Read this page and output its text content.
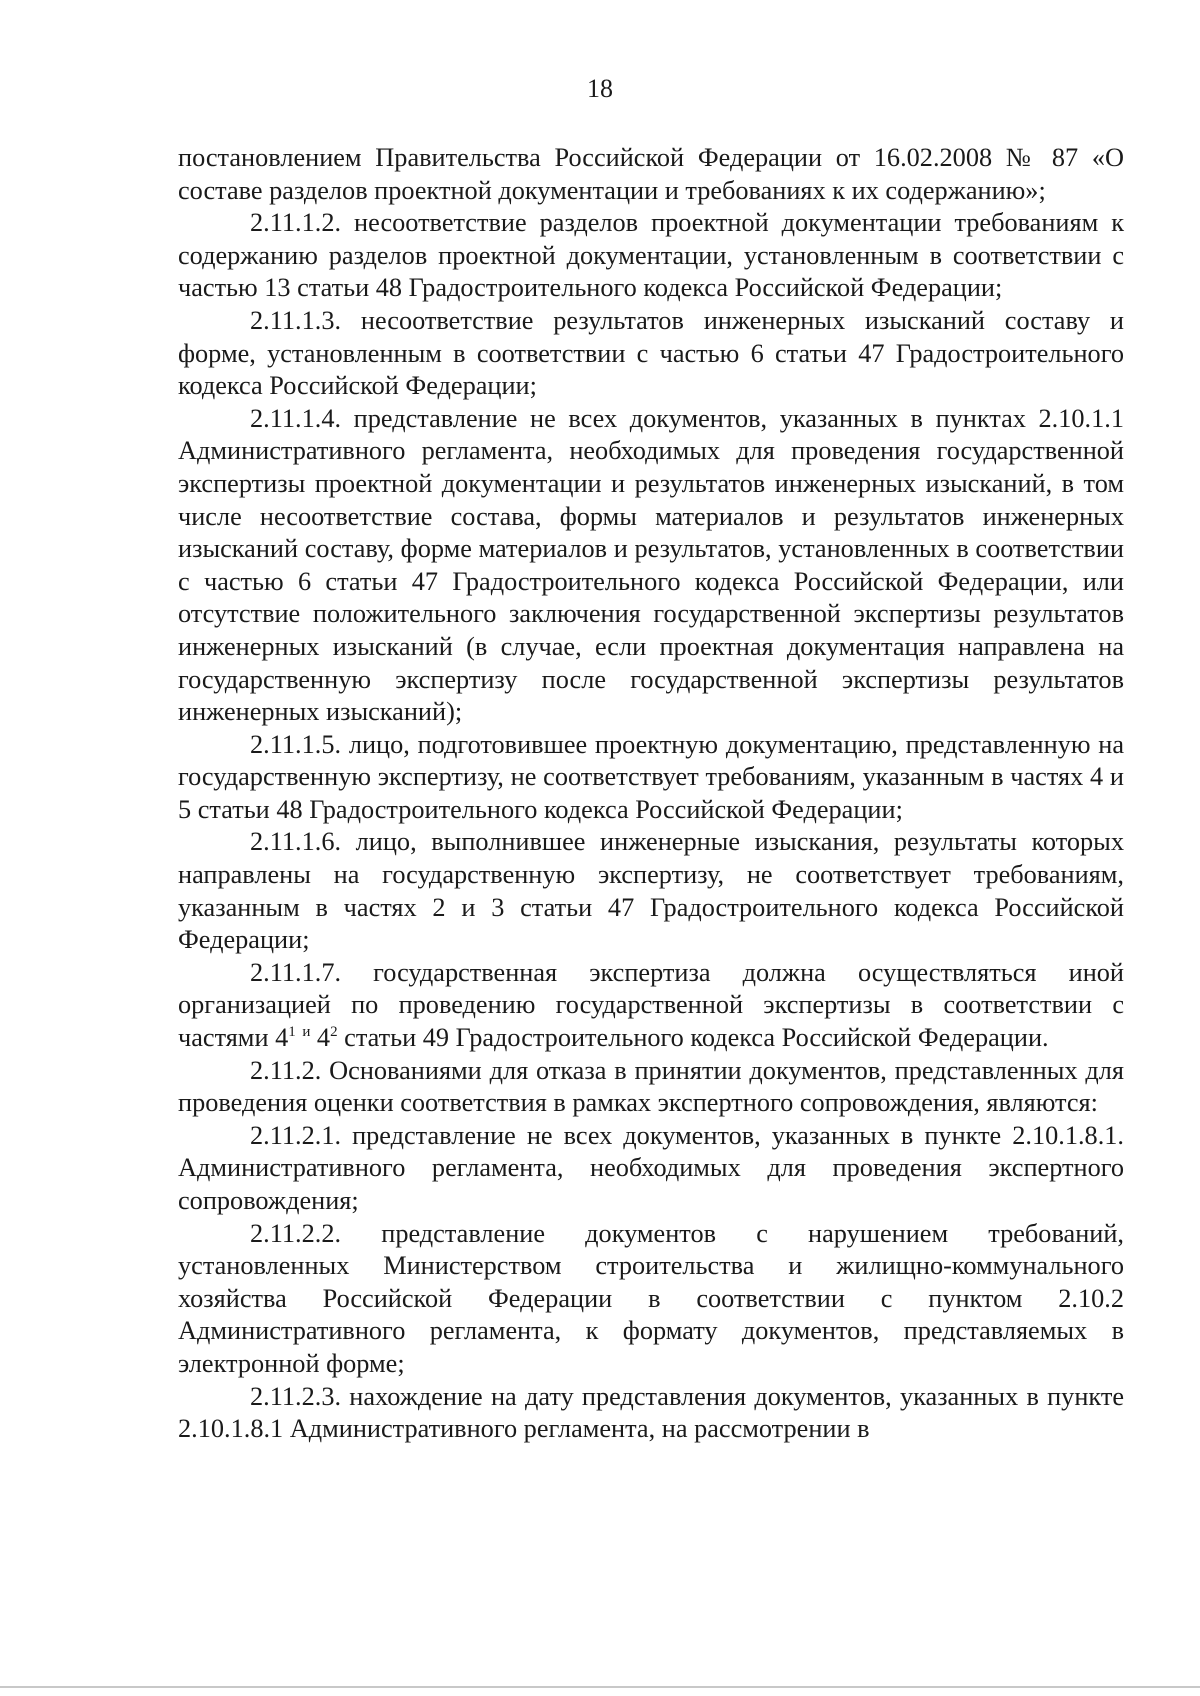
18

постановлением Правительства Российской Федерации от 16.02.2008 № 87 «О составе разделов проектной документации и требованиях к их содержанию»;

2.11.1.2. несоответствие разделов проектной документации требованиям к содержанию разделов проектной документации, установленным в соответствии с частью 13 статьи 48 Градостроительного кодекса Российской Федерации;

2.11.1.3. несоответствие результатов инженерных изысканий составу и форме, установленным в соответствии с частью 6 статьи 47 Градостроительного кодекса Российской Федерации;

2.11.1.4. представление не всех документов, указанных в пунктах 2.10.1.1 Административного регламента, необходимых для проведения государственной экспертизы проектной документации и результатов инженерных изысканий, в том числе несоответствие состава, формы материалов и результатов инженерных изысканий составу, форме материалов и результатов, установленных в соответствии с частью 6 статьи 47 Градостроительного кодекса Российской Федерации, или отсутствие положительного заключения государственной экспертизы результатов инженерных изысканий (в случае, если проектная документация направлена на государственную экспертизу после государственной экспертизы результатов инженерных изысканий);

2.11.1.5. лицо, подготовившее проектную документацию, представленную на государственную экспертизу, не соответствует требованиям, указанным в частях 4 и 5 статьи 48 Градостроительного кодекса Российской Федерации;

2.11.1.6. лицо, выполнившее инженерные изыскания, результаты которых направлены на государственную экспертизу, не соответствует требованиям, указанным в частях 2 и 3 статьи 47 Градостроительного кодекса Российской Федерации;

2.11.1.7. государственная экспертиза должна осуществляться иной организацией по проведению государственной экспертизы в соответствии с частями $4^1$ $^и$ $4^2$ статьи 49 Градостроительного кодекса Российской Федерации.

2.11.2. Основаниями для отказа в принятии документов, представленных для проведения оценки соответствия в рамках экспертного сопровождения, являются:

2.11.2.1. представление не всех документов, указанных в пункте 2.10.1.8.1. Административного регламента, необходимых для проведения экспертного сопровождения;

2.11.2.2. представление документов с нарушением требований, установленных Министерством строительства и жилищно-коммунального хозяйства Российской Федерации в соответствии с пунктом 2.10.2 Административного регламента, к формату документов, представляемых в электронной форме;

2.11.2.3. нахождение на дату представления документов, указанных в пункте 2.10.1.8.1 Административного регламента, на рассмотрении в
